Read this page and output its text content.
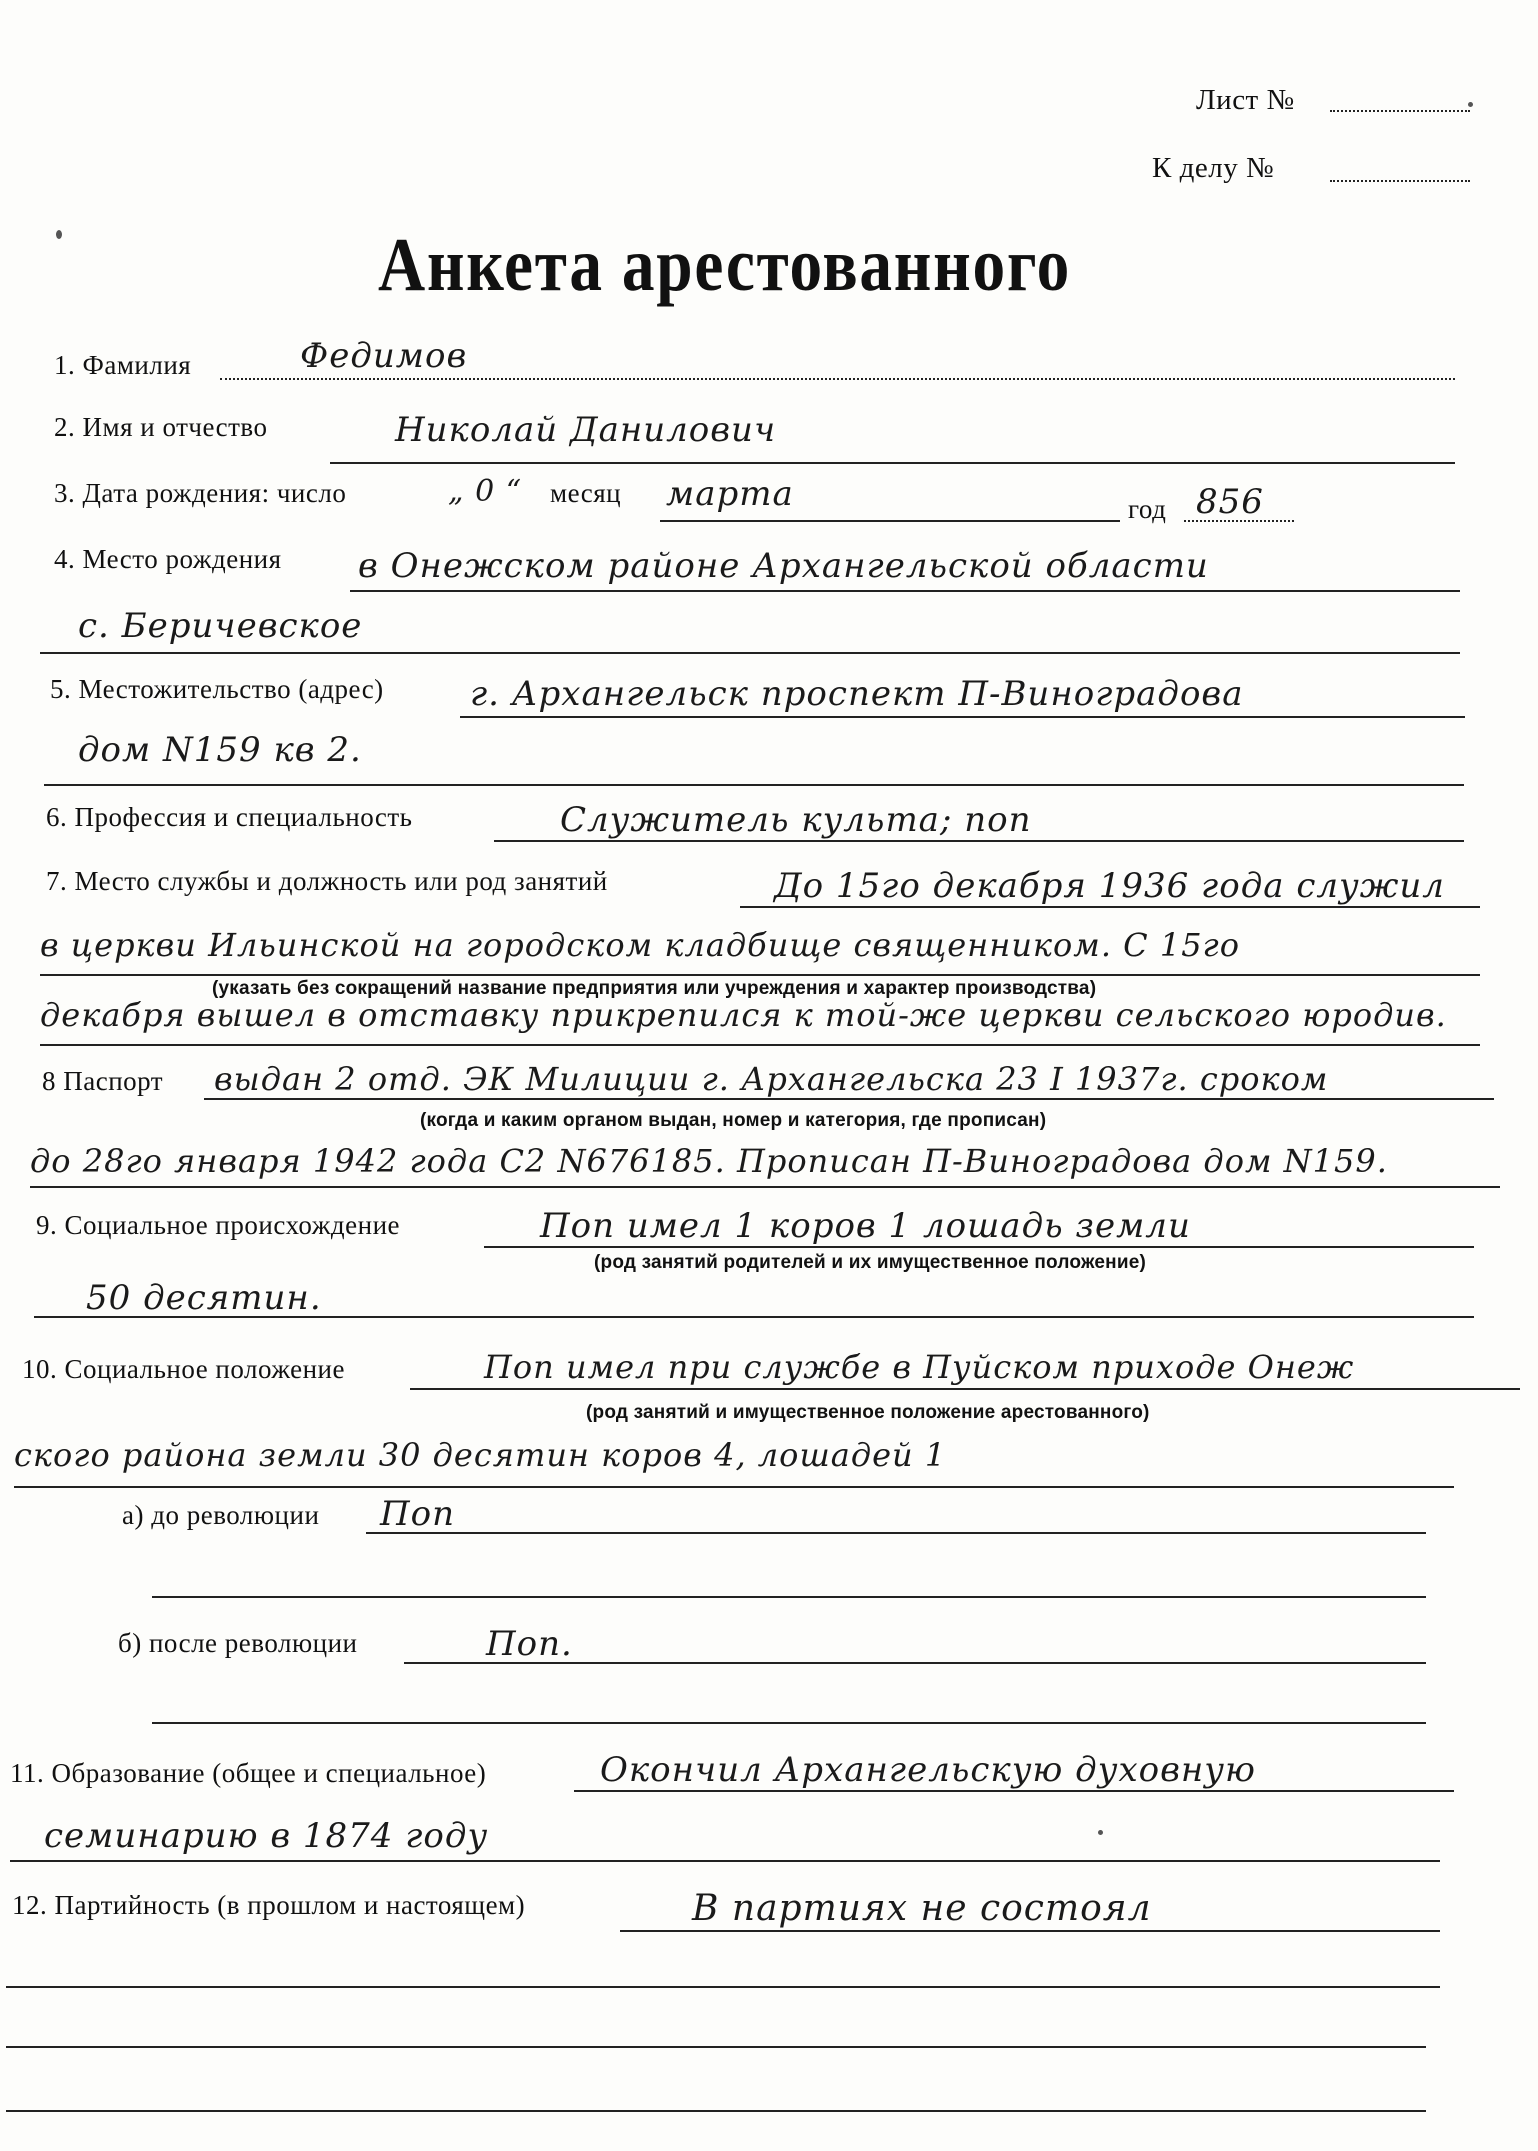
Лист №
К делу №
Анкета арестованного
1. Фамилия	Федимов
2. Имя и отчество	Николай Данилович
3. Дата рождения: число	„ 0 “ месяц марта	год 856
4. Место рождения в Онежском районе Архангельской области
с. Беричевское
5. Местожительство (адрес)	г. Архангельск проспект П-Виноградова
дом N159 кв 2.
6. Профессия и специальность	Служитель культа; поп
7. Место службы и должность или род занятий	До 15го декабря 1936 года служил
в церкви Ильинской на городском кладбище священником. С 15го
(указать без сокращений название предприятия или учреждения и характер производства)
декабря вышел в отставку прикрепился к той-же церкви сельского юродив.
8 Паспорт выдан 2 отд. ЭК Милиции г. Архангельска 23 I 1937г. сроком
(когда и каким органом выдан, номер и категория, где прописан)
до 28го января 1942 года С2 N676185. Прописан П-Виноградова дом N159.
9. Социальное происхождение	Поп имел 1 коров 1 лошадь земли
(род занятий родителей и их имущественное положение)
50 десятин.
10. Социальное положение	Поп имел при службе в Пуйском приходе Онеж
(род занятий и имущественное положение арестованного)
ского района земли 30 десятин коров 4, лошадей 1
а) до революции Поп
б) после революции	Поп.
11. Образование (общее и специальное)	Окончил Архангельскую духовную
семинарию в 1874 году
12. Партийность (в прошлом и настоящем)	В партиях не состоял
